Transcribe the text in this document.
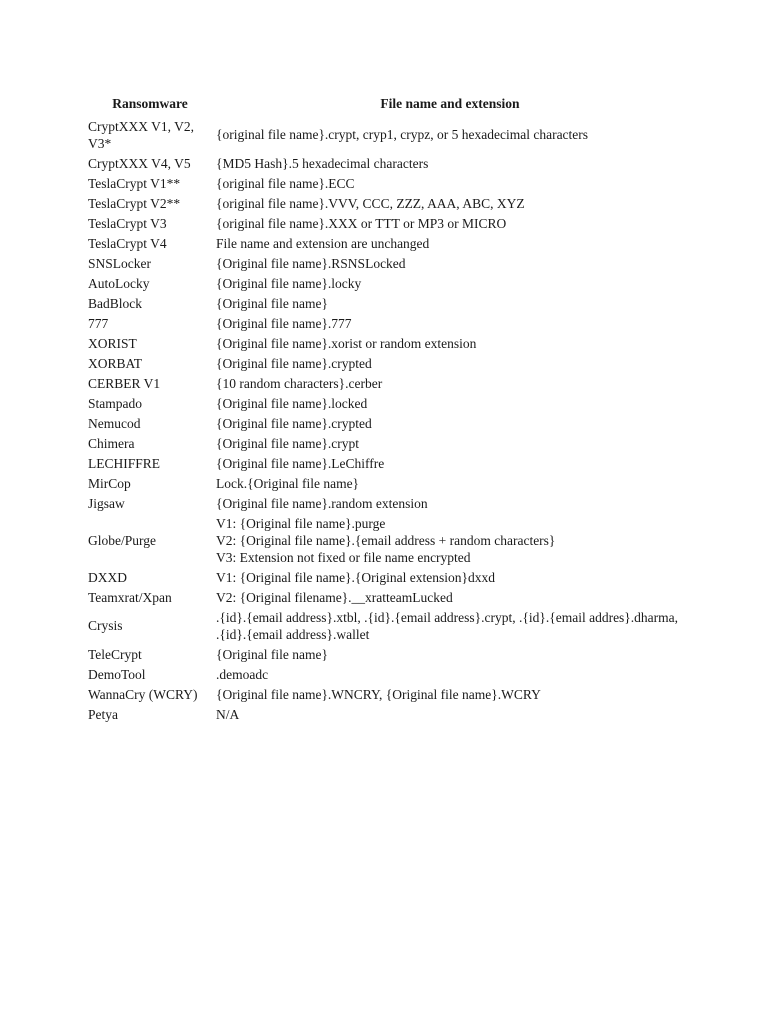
Ransomware	File name and extension
CryptXXX V1, V2, V3*	{original file name}.crypt, cryp1, crypz, or 5 hexadecimal characters

CryptXXX V4, V5	{MD5 Hash}.5 hexadecimal characters

TeslaCrypt V1**	{original file name}.ECC

TeslaCrypt V2**	{original file name}.VVV, CCC, ZZZ, AAA, ABC, XYZ

TeslaCrypt V3	{original file name}.XXX or TTT or MP3 or MICRO

TeslaCrypt V4	File name and extension are unchanged

SNSLocker	{Original file name}.RSNSLocked

AutoLocky	{Original file name}.locky

BadBlock	{Original file name}

777	{Original file name}.777

XORIST	{Original file name}.xorist or random extension

XORBAT	{Original file name}.crypted

CERBER V1	{10 random characters}.cerber

Stampado	{Original file name}.locked

Nemucod	{Original file name}.crypted

Chimera	{Original file name}.crypt

LECHIFFRE	{Original file name}.LeChiffre

MirCop	Lock.{Original file name}

Jigsaw	{Original file name}.random extension

Globe/Purge	V1: {Original file name}.purge
V2: {Original file name}.{email address + random characters}
V3: Extension not fixed or file name encrypted

DXXD	V1: {Original file name}.{Original extension}dxxd

Teamxrat/Xpan	V2: {Original filename}.__xratteamLucked

Crysis	.{id}.{email address}.xtbl, .{id}.{email address}.crypt, .{id}.{email addres}.dharma, .{id}.{email address}.wallet

TeleCrypt	{Original file name}

DemoTool	.demoadc

WannaCry (WCRY)	{Original file name}.WNCRY, {Original file name}.WCRY

Petya	N/A
